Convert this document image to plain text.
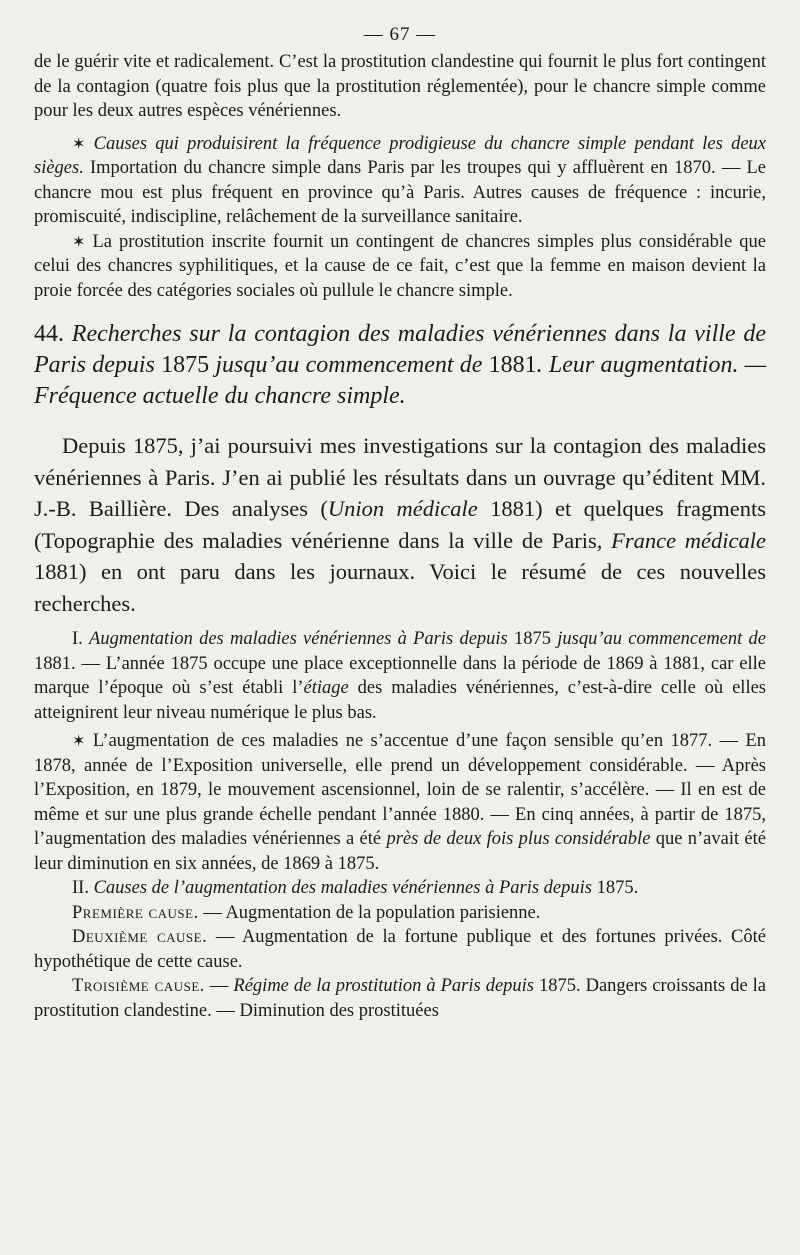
— 67 —

de le guérir vite et radicalement. C’est la prostitution clandestine qui fournit le plus fort contingent de la contagion (quatre fois plus que la prostitution réglementée), pour le chancre simple comme pour les deux autres espèces vénériennes.

✶ Causes qui produisirent la fréquence prodigieuse du chancre simple pendant les deux sièges. Importation du chancre simple dans Paris par les troupes qui y affluèrent en 1870. — Le chancre mou est plus fréquent en province qu’à Paris. Autres causes de fréquence : incurie, promiscuité, indiscipline, relâchement de la surveillance sanitaire.

✶ La prostitution inscrite fournit un contingent de chancres simples plus considérable que celui des chancres syphilitiques, et la cause de ce fait, c’est que la femme en maison devient la proie forcée des catégories sociales où pullule le chancre simple.

44. Recherches sur la contagion des maladies vénériennes dans la ville de Paris depuis 1875 jusqu’au commencement de 1881. Leur augmentation. — Fréquence actuelle du chancre simple.

Depuis 1875, j’ai poursuivi mes investigations sur la contagion des maladies vénériennes à Paris. J’en ai publié les résultats dans un ouvrage qu’éditent MM. J.-B. Baillière. Des analyses (Union médicale 1881) et quelques fragments (Topographie des maladies vénérienne dans la ville de Paris, France médicale 1881) en ont paru dans les journaux. Voici le résumé de ces nouvelles recherches.

I. Augmentation des maladies vénériennes à Paris depuis 1875 jusqu’au commencement de 1881. — L’année 1875 occupe une place exceptionnelle dans la période de 1869 à 1881, car elle marque l’époque où s’est établi l’étiage des maladies vénériennes, c’est-à-dire celle où elles atteignirent leur niveau numérique le plus bas.

✶ L’augmentation de ces maladies ne s’accentue d’une façon sensible qu’en 1877. — En 1878, année de l’Exposition universelle, elle prend un développement considérable. — Après l’Exposition, en 1879, le mouvement ascensionnel, loin de se ralentir, s’accélère. — Il en est de même et sur une plus grande échelle pendant l’année 1880. — En cinq années, à partir de 1875, l’augmentation des maladies vénériennes a été près de deux fois plus considérable que n’avait été leur diminution en six années, de 1869 à 1875.

II. Causes de l’augmentation des maladies vénériennes à Paris depuis 1875.

Première cause. — Augmentation de la population parisienne.

Deuxième cause. — Augmentation de la fortune publique et des fortunes privées. Côté hypothétique de cette cause.

Troisième cause. — Régime de la prostitution à Paris depuis 1875. Dangers croissants de la prostitution clandestine. — Diminution des prostituées
